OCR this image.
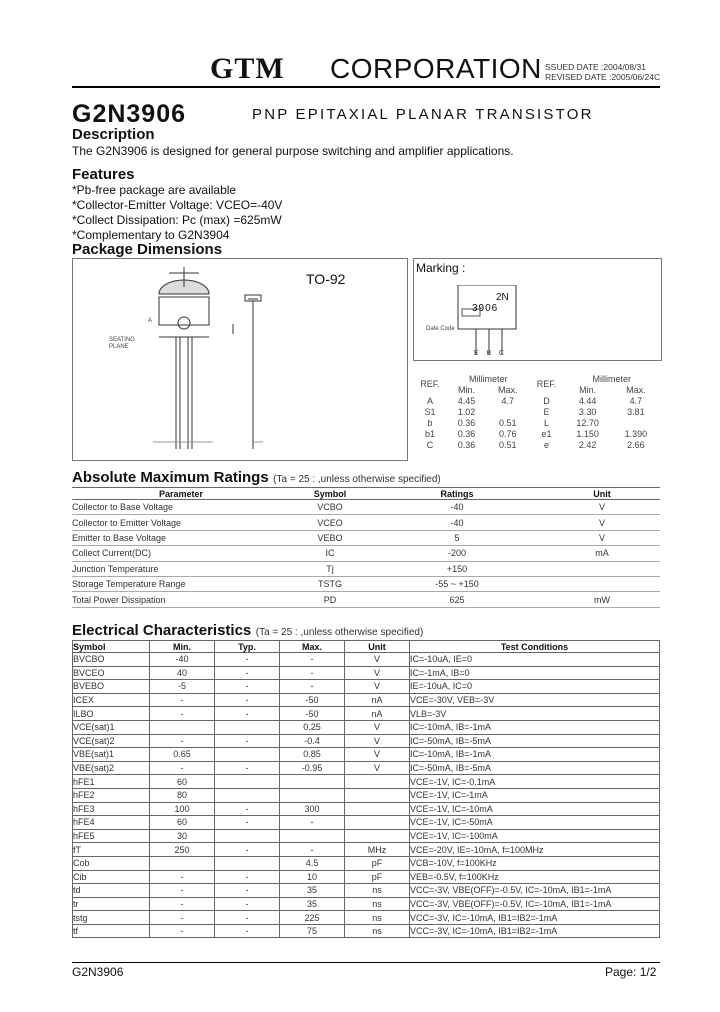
GTM CORPORATION SSUED DATE :2004/08/31
REVISED DATE :2005/06/24C
G2N3906	PNP EPITAXIAL PLANAR TRANSISTOR
Description
The G2N3906 is designed for general purpose switching and amplifier applications.
Features
*Pb-free package are available
*Collector-Emitter Voltage: VCEO=-40V
*Collect Dissipation: Pc (max) =625mW
*Complementary to G2N3904
Package Dimensions
TO-92
SEATING PLANE
A
Marking :
2N
3906
Date Code
E B C
REF.	Millimeter		REF.	Millimeter	
	Min.	Max.		Min.	Max.
A	4.45	4.7	D	4.44	4.7
S1	1.02		E	3.30	3.81
b	0.36	0.51	L	12.70	
b1	0.36	0.76	e1	1.150	1.390
C	0.36	0.51	e	2.42	2.66
Absolute Maximum Ratings (Ta = 25 : ,unless otherwise specified)
Parameter	Symbol	Ratings	Unit
Collector to Base Voltage	VCBO	-40	V
Collector to Emitter Voltage	VCEO	-40	V
Emitter to Base Voltage	VEBO	5	V
Collect Current(DC)	IC	-200	mA
Junction Temperature	Tj	+150	
Storage Temperature Range	TSTG	-55 ~ +150	
Total Power Dissipation	PD	625	mW
Electrical Characteristics (Ta = 25 : ,unless otherwise specified)
Symbol	Min.	Typ.	Max.	Unit	Test Conditions
BVCBO	-40	-	-	V	IC=-10uA, IE=0
BVCEO	40	-	-	V	IC=-1mA, IB=0
BVEBO	-5	-	-	V	IE=-10uA, IC=0
ICEX	-	-	-50	nA	VCE=-30V, VEB=-3V
ILBO	-	-	-50	nA	VLB=-3V
VCE(sat)1			0.25	V	IC=-10mA, IB=-1mA
VCE(sat)2	-	-	-0.4	V	IC=-50mA, IB=-5mA
VBE(sat)1	0.65		0.85	V	IC=-10mA, IB=-1mA
VBE(sat)2	-	-	-0.95	V	IC=-50mA, IB=-5mA
hFE1	60				VCE=-1V, IC=-0.1mA
hFE2	80				VCE=-1V, IC=-1mA
hFE3	100	-	300		VCE=-1V, IC=-10mA
hFE4	60	-	-		VCE=-1V, IC=-50mA
hFE5	30				VCE=-1V, IC=-100mA
fT	250	-	-	MHz	VCE=-20V, IE=-10mA, f=100MHz
Cob			4.5	pF	VCB=-10V, f=100KHz
Cib	-	-	10	pF	VEB=-0.5V, f=100KHz
td	-	-	35	ns	VCC=-3V, VBE(OFF)=-0.5V, IC=-10mA, IB1=-1mA
tr	-	-	35	ns	VCC=-3V, VBE(OFF)=-0.5V, IC=-10mA, IB1=-1mA
tstg	-	-	225	ns	VCC=-3V, IC=-10mA, IB1=IB2=-1mA
tf	-	-	75	ns	VCC=-3V, IC=-10mA, IB1=IB2=-1mA
G2N3906	Page: 1/2
